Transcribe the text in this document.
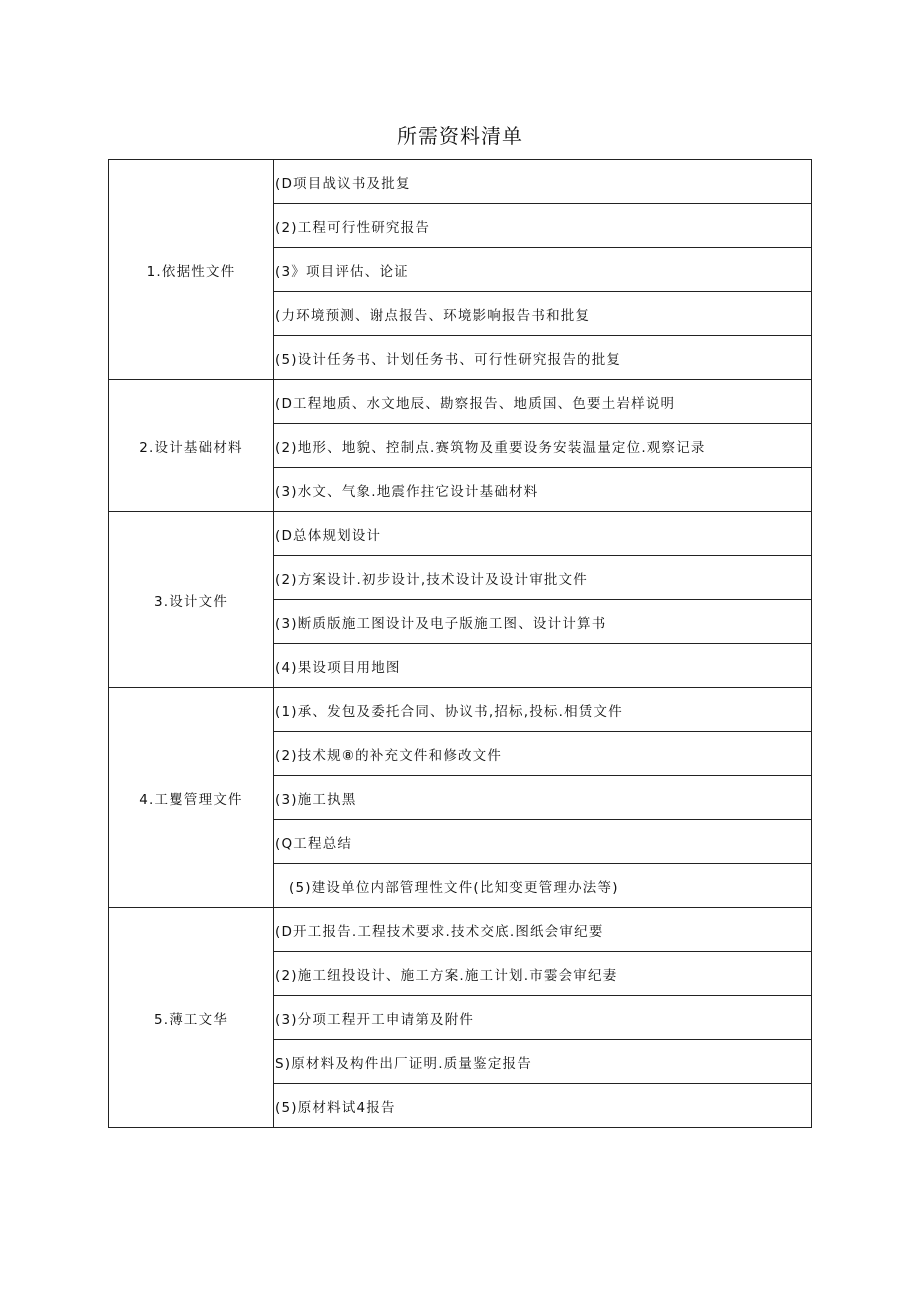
所需资料清单
1.依据性文件	(D项目战议书及批复
	(2)工程可行性研究报告
	(3》项目评估、论证
	(力环境预测、谢点报告、环境影响报告书和批复
	(5)设计任务书、计划任务书、可行性研究报告的批复
2.设计基础材料	(D工程地质、水文地辰、勘察报告、地质国、色要土岩样说明
	(2)地形、地貌、控制点.赛筑物及重要设务安装温量定位.观察记录
	(3)水文、气象.地震作拄它设计基础材料
3.设计文件	(D总体规划设计
	(2)方案设计.初步设计,技术设计及设计审批文件
	(3)断质版施工图设计及电子版施工图、设计计算书
	(4)果设项目用地图
4.工矍管理文件	(1)承、发包及委托合同、协议书,招标,投标.相赁文件
	(2)技术规⑧的补充文件和修改文件
	(3)施工执黑
	(Q工程总结
	(5)建设单位内部管理性文件(比知变更管理办法等)
5.薄工文华	(D开工报告.工程技术要求.技术交底.图纸会审纪要
	(2)施工纽投设计、施工方案.施工计划.市霎会审纪妻
	(3)分项工程开工申请第及附件
	S)原材料及构件出厂证明.质量鉴定报告
	(5)原材料试4报告
